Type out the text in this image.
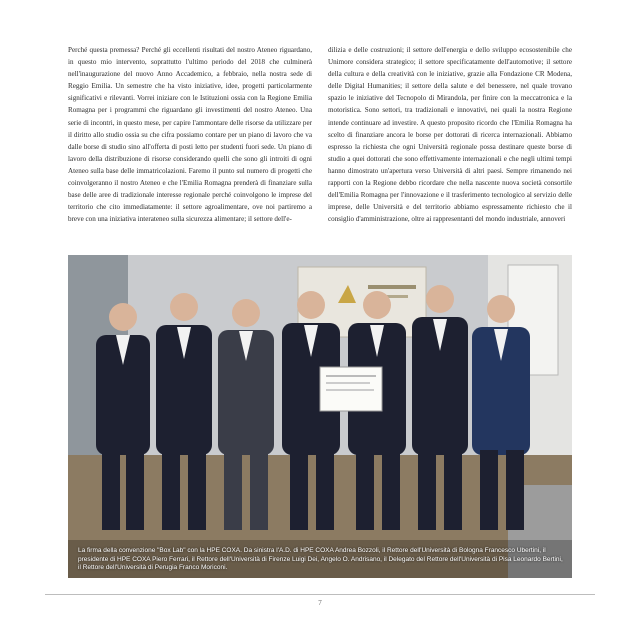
Perché questa premessa? Perché gli eccellenti risultati del nostro Ateneo riguardano, in questo mio intervento, soprattutto l'ultimo periodo del 2018 che culminerà nell'inaugurazione del nuovo Anno Accademico, a febbraio, nella nostra sede di Reggio Emilia. Un semestre che ha visto iniziative, idee, progetti particolarmente significativi e rilevanti. Vorrei iniziare con le Istituzioni ossia con la Regione Emilia Romagna per i programmi che riguardano gli investimenti del nostro Ateneo. Una serie di incontri, in questo mese, per capire l'ammontare delle risorse da utilizzare per il diritto allo studio ossia su che cifra possiamo contare per un piano di lavoro che va dalle borse di studio sino all'offerta di posti letto per studenti fuori sede. Un piano di lavoro della distribuzione di risorse considerando quelli che sono gli introiti di ogni Ateneo sulla base delle immatricolazioni. Faremo il punto sul numero di progetti che coinvolgeranno il nostro Ateneo e che l'Emilia Romagna prenderà di finanziare sulla base delle aree di tradizionale interesse regionale perché coinvolgono le imprese del territorio che cito immediatamente: il settore agroalimentare, ove noi partiremo a breve con una iniziativa interateneo sulla sicurezza alimentare; il settore dell'e-
dilizia e delle costruzioni; il settore dell'energia e dello sviluppo ecosostenibile che Unimore considera strategico; il settore specificatamente dell'automotive; il settore della cultura e della creatività con le iniziative, grazie alla Fondazione CR Modena, delle Digital Humanities; il settore della salute e del benessere, nel quale trovano spazio le iniziative del Tecnopolo di Mirandola, per finire con la meccatronica e la motoristica. Sono settori, tra tradizionali e innovativi, nei quali la nostra Regione intende continuare ad investire. A questo proposito ricordo che l'Emilia Romagna ha scelto di finanziare ancora le borse per dottorati di ricerca internazionali. Abbiamo espresso la richiesta che ogni Università regionale possa destinare queste borse di studio a quei dottorati che sono effettivamente internazionali e che negli ultimi tempi hanno dimostrato un'apertura verso Università di altri paesi. Sempre rimanendo nei rapporti con la Regione debbo ricordare che nella nascente nuova società consortile dell'Emilia Romagna per l'innovazione e il trasferimento tecnologico al servizio delle imprese, delle Università e del territorio abbiamo espressamente richiesto che il consiglio d'amministrazione, oltre ai rappresentanti del mondo industriale, annoveri
La firma della convenzione "Box Lab" con la HPE COXA. Da sinistra l'A.D. di HPE COXA Andrea Bozzoli, il Rettore dell'Università di Bologna Francesco Ubertini, il presidente di HPE COXA Piero Ferrari, il Rettore dell'Università di Firenze Luigi Dei, Angelo O. Andrisano, il Delegato del Rettore dell'Università di Pisa Leonardo Bertini, il Rettore dell'Università di Perugia Franco Moriconi.
7
